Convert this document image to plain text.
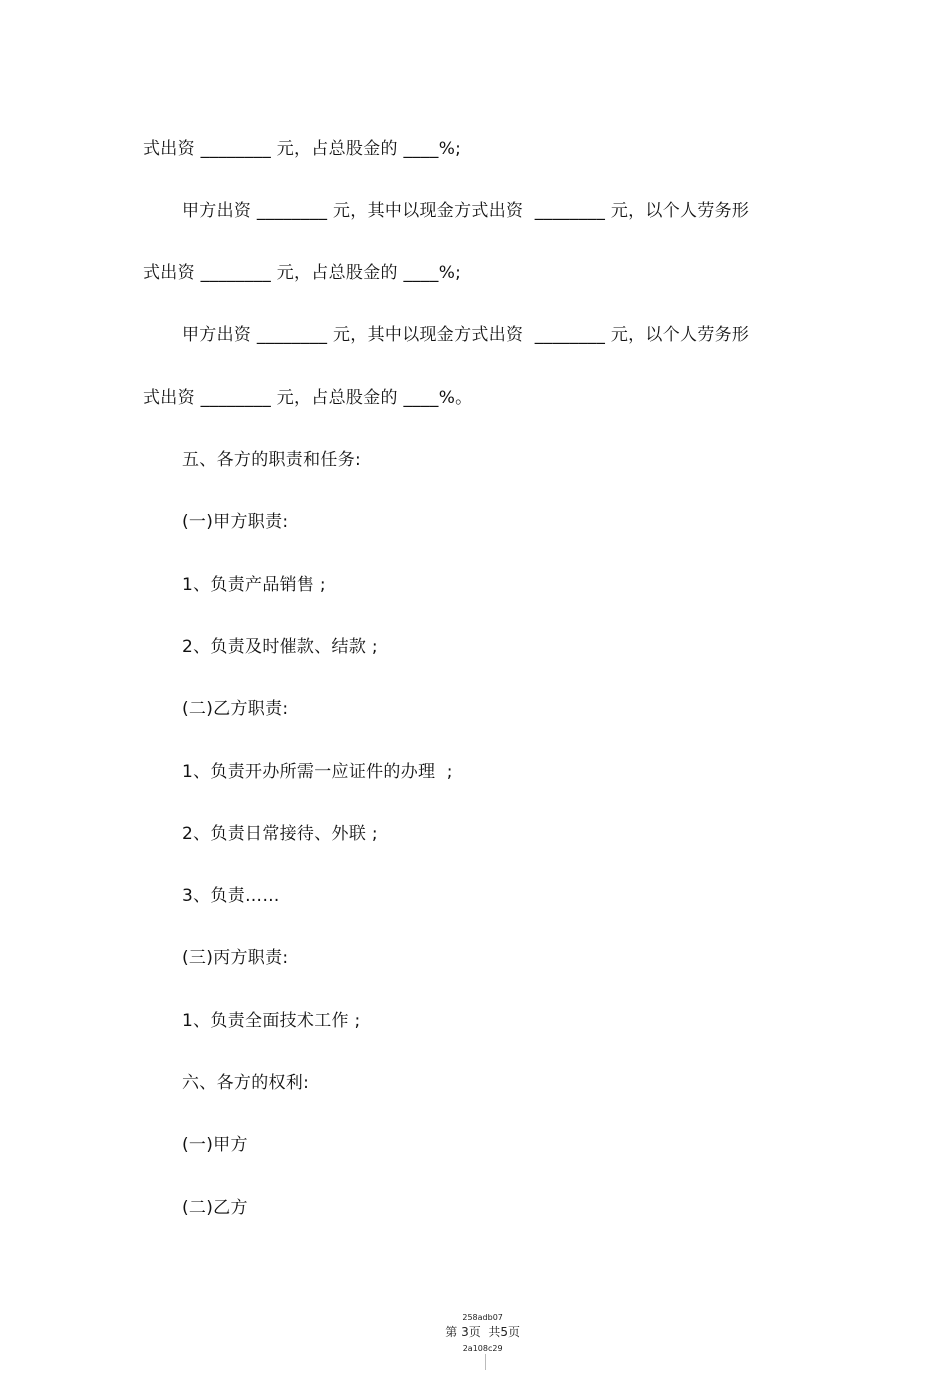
式出资 ________ 元，占总股金的 ____%;
甲方出资 ________ 元，其中以现金方式出资  ________ 元，以个人劳务形
式出资 ________ 元，占总股金的 ____%;
甲方出资 ________ 元，其中以现金方式出资  ________ 元，以个人劳务形
式出资 ________ 元，占总股金的 ____%。
五、各方的职责和任务:
(一)甲方职责:
1、负责产品销售 ;
2、负责及时催款、结款 ;
(二)乙方职责:
1、负责开办所需一应证件的办理  ;
2、负责日常接待、外联 ;
3、负责……
(三)丙方职责:
1、负责全面技术工作 ;
六、各方的权利:
(一)甲方
(二)乙方

258adb07
第 3页  共5页
2a108c29
